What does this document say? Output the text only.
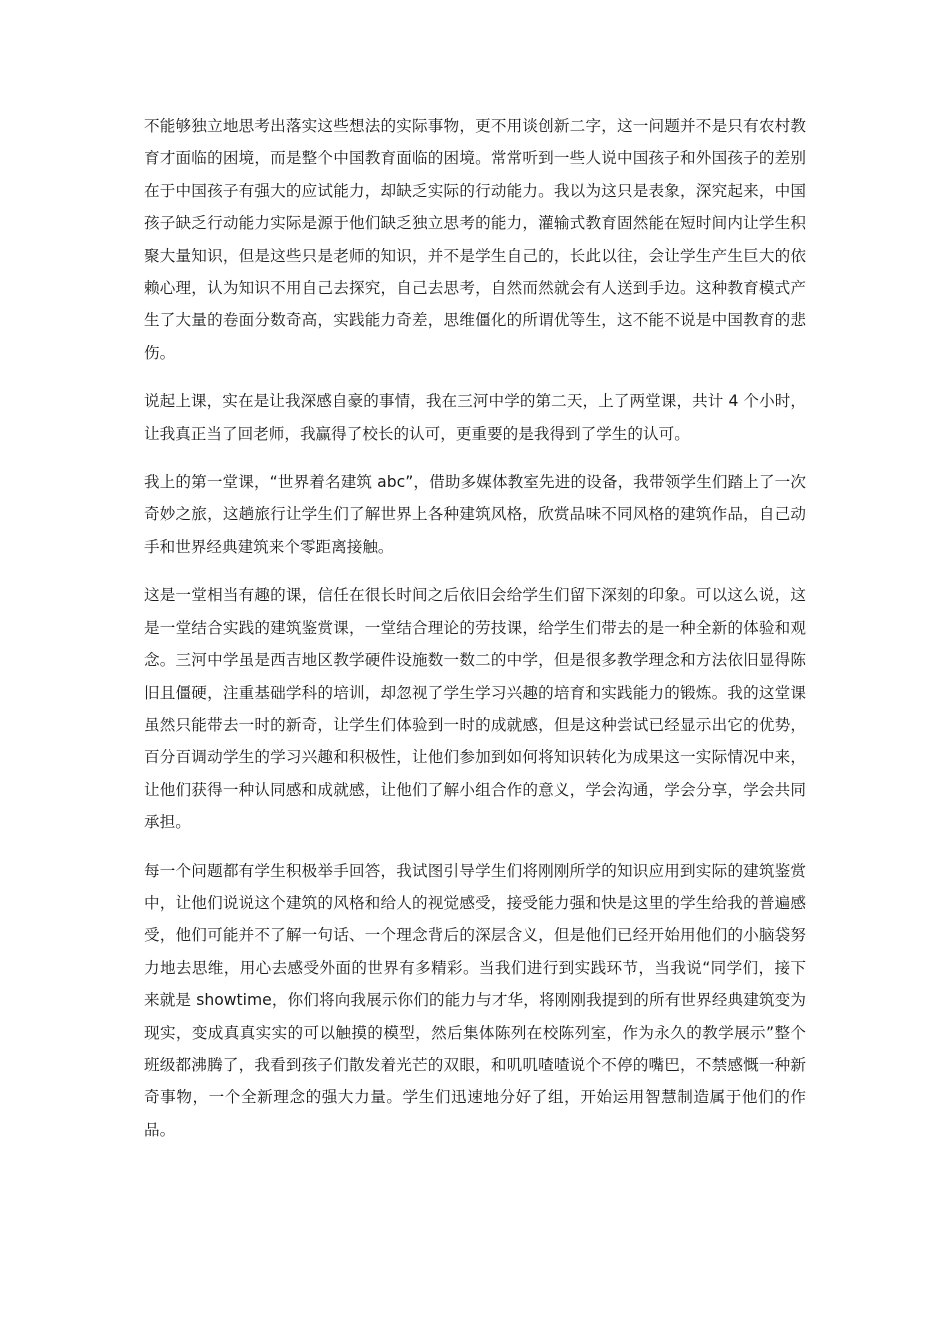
不能够独立地思考出落实这些想法的实际事物，更不用谈创新二字，这一问题并不是只有农村教育才面临的困境，而是整个中国教育面临的困境。常常听到一些人说中国孩子和外国孩子的差别在于中国孩子有强大的应试能力，却缺乏实际的行动能力。我以为这只是表象，深究起来，中国孩子缺乏行动能力实际是源于他们缺乏独立思考的能力，灌输式教育固然能在短时间内让学生积聚大量知识，但是这些只是老师的知识，并不是学生自己的，长此以往，会让学生产生巨大的依赖心理，认为知识不用自己去探究，自己去思考，自然而然就会有人送到手边。这种教育模式产生了大量的卷面分数奇高，实践能力奇差，思维僵化的所谓优等生，这不能不说是中国教育的悲伤。

说起上课，实在是让我深感自豪的事情，我在三河中学的第二天，上了两堂课，共计 4 个小时，让我真正当了回老师，我赢得了校长的认可，更重要的是我得到了学生的认可。

我上的第一堂课，“世界着名建筑 abc”，借助多媒体教室先进的设备，我带领学生们踏上了一次奇妙之旅，这趟旅行让学生们了解世界上各种建筑风格，欣赏品味不同风格的建筑作品，自己动手和世界经典建筑来个零距离接触。

这是一堂相当有趣的课，信任在很长时间之后依旧会给学生们留下深刻的印象。可以这么说，这是一堂结合实践的建筑鉴赏课，一堂结合理论的劳技课，给学生们带去的是一种全新的体验和观念。三河中学虽是西吉地区教学硬件设施数一数二的中学，但是很多教学理念和方法依旧显得陈旧且僵硬，注重基础学科的培训，却忽视了学生学习兴趣的培育和实践能力的锻炼。我的这堂课虽然只能带去一时的新奇，让学生们体验到一时的成就感，但是这种尝试已经显示出它的优势，百分百调动学生的学习兴趣和积极性，让他们参加到如何将知识转化为成果这一实际情况中来，让他们获得一种认同感和成就感，让他们了解小组合作的意义，学会沟通，学会分享，学会共同承担。

每一个问题都有学生积极举手回答，我试图引导学生们将刚刚所学的知识应用到实际的建筑鉴赏中，让他们说说这个建筑的风格和给人的视觉感受，接受能力强和快是这里的学生给我的普遍感受，他们可能并不了解一句话、一个理念背后的深层含义，但是他们已经开始用他们的小脑袋努力地去思维，用心去感受外面的世界有多精彩。当我们进行到实践环节，当我说“同学们，接下来就是 showtime，你们将向我展示你们的能力与才华，将刚刚我提到的所有世界经典建筑变为现实，变成真真实实的可以触摸的模型，然后集体陈列在校陈列室，作为永久的教学展示”整个班级都沸腾了，我看到孩子们散发着光芒的双眼，和叽叽喳喳说个不停的嘴巴，不禁感慨一种新奇事物，一个全新理念的强大力量。学生们迅速地分好了组，开始运用智慧制造属于他们的作品。
